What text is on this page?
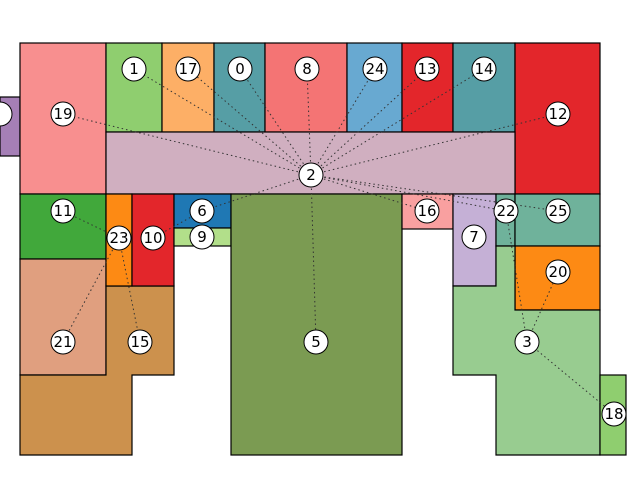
19
1	17	0	8	24 13	14
12
2
11
23 10
6
9
5
16
7
22 25
20
3
18
21	15
